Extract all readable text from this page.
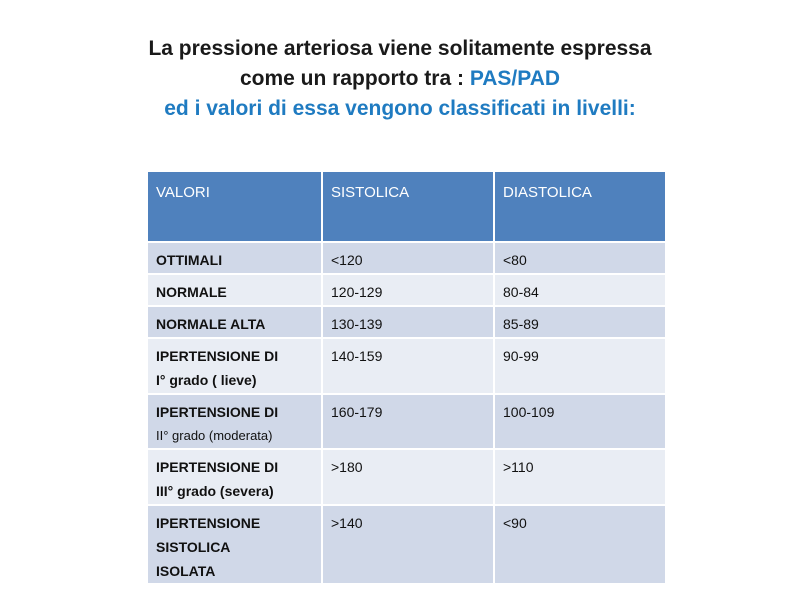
La pressione arteriosa viene solitamente espressa
come un rapporto tra : PAS/PAD
ed i valori di essa vengono classificati in livelli:
VALORI	SISTOLICA	DIASTOLICA
OTTIMALI	<120	<80
NORMALE	120-129	80-84
NORMALE ALTA	130-139	85-89

IPERTENSIONE DI
I° grado ( lieve)	140-159	90-99

IPERTENSIONE DI
II° grado (moderata)	160-179	100-109

IPERTENSIONE DI
III° grado (severa)	>180	>110

IPERTENSIONE
SISTOLICA
ISOLATA	>140	<90
